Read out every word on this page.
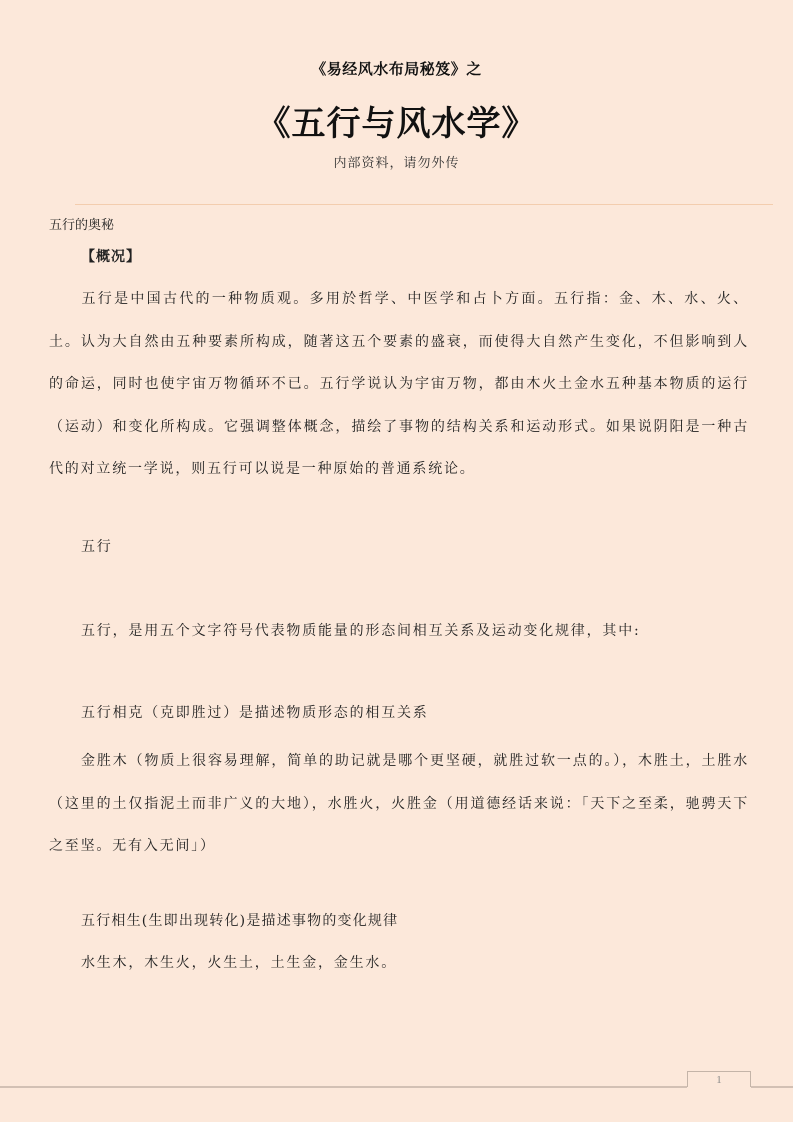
《易经风水布局秘笈》之
《五行与风水学》
内部资料，请勿外传
五行的奥秘
【概况】
五行是中国古代的一种物质观。多用於哲学、中医学和占卜方面。五行指：金、木、水、火、土。认为大自然由五种要素所构成，随著这五个要素的盛衰，而使得大自然产生变化，不但影响到人的命运，同时也使宇宙万物循环不已。五行学说认为宇宙万物，都由木火土金水五种基本物质的运行（运动）和变化所构成。它强调整体概念，描绘了事物的结构关系和运动形式。如果说阴阳是一种古代的对立统一学说，则五行可以说是一种原始的普通系统论。
五行
五行，是用五个文字符号代表物质能量的形态间相互关系及运动变化规律，其中:
五行相克（克即胜过）是描述物质形态的相互关系
金胜木（物质上很容易理解，简单的助记就是哪个更坚硬，就胜过软一点的。），木胜土，土胜水（这里的土仅指泥土而非广义的大地），水胜火，火胜金（用道德经话来说：「天下之至柔，驰骋天下之至坚。无有入无间」）
五行相生(生即出现转化)是描述事物的变化规律
水生木，木生火，火生土，土生金，金生水。
1
